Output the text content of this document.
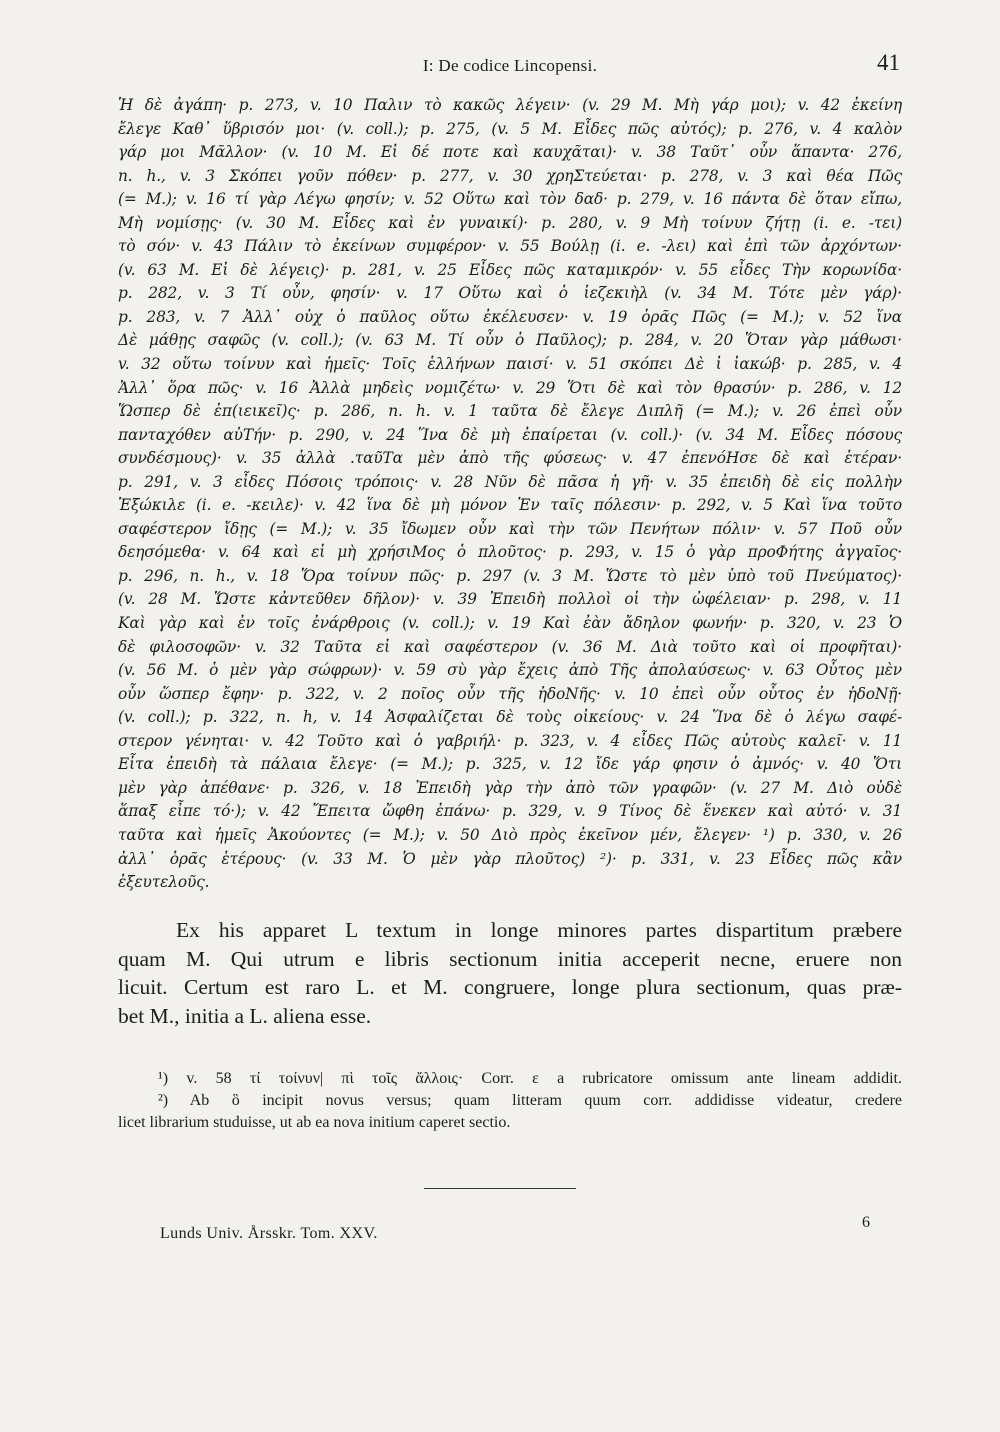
I: De codice Lincopensi.	41
Ἡ δὲ ἀγάπη· p. 273, v. 10 Παλιν τὸ κακῶς λέγειν· (v. 29 M. Μὴ γάρ μοι); v. 42 ἐκείνη
ἔλεγε Καθ᾽ ὕβρισόν μοι· (v. coll.); p. 275, (v. 5 M. Εἶδες πῶς αὐτός); p. 276, v. 4 καλὸν
γάρ μοι Μᾶλλον· (v. 10 M. Εἰ δέ ποτε καὶ καυχᾶται)· v. 38 Ταῦτ᾽ οὖν ἅπαντα· 276,
n. h., v. 3 Σκόπει γοῦν πόθεν· p. 277, v. 30 χρηΣτεύεται· p. 278, v. 3 καὶ θέα Πῶς
(= M.); v. 16 τί γὰρ Λέγω φησίν; v. 52 Οὕτω καὶ τὸν δαδ· p. 279, v. 16 πάντα δὲ ὅταν εἴπω,
Μὴ νομίσῃς· (v. 30 M. Εἶδες καὶ ἐν γυναικί)· p. 280, v. 9 Μὴ τοίνυν ζήτῃ (i. e. -τει)
τὸ σόν· v. 43 Πάλιν τὸ ἐκείνων συμφέρον· v. 55 Βούλῃ (i. e. -λει) καὶ ἐπὶ τῶν ἀρχόντων·
(v. 63 M. Εἰ δὲ λέγεις)· p. 281, v. 25 Εἶδες πῶς καταμικρόν· v. 55 εἶδες Τὴν κορωνίδα·
p. 282, v. 3 Τί οὖν, φησίν· v. 17 Οὕτω καὶ ὁ ἰεζεκιὴλ (v. 34 M. Τότε μὲν γάρ)·
p. 283, v. 7 Ἀλλ᾽ οὐχ ὁ παῦλος οὕτω ἐκέλευσεν· v. 19 ὁρᾶς Πῶς (= M.); v. 52 ἵνα
Δὲ μάθῃς σαφῶς (v. coll.); (v. 63 M. Τί οὖν ὁ Παῦλος); p. 284, v. 20 Ὅταν γὰρ μάθωσι·
v. 32 οὕτω τοίνυν καὶ ἡμεῖς· Τοῖς ἑλλήνων παισί· v. 51 σκόπει Δὲ ἰ ἰακώβ· p. 285, v. 4
Ἀλλ᾽ ὅρα πῶς· v. 16 Ἀλλὰ μηδεὶς νομιζέτω· v. 29 Ὅτι δὲ καὶ τὸν θρασύν· p. 286, v. 12
Ὥσπερ δὲ ἐπ(ιεικεῖ)ς· p. 286, n. h. v. 1 ταῦτα δὲ ἔλεγε Διπλῆ (= M.); v. 26 ἐπεὶ οὖν
πανταχόθεν αὐΤήν· p. 290, v. 24 Ἵνα δὲ μὴ ἐπαίρεται (v. coll.)· (v. 34 M. Εἶδες πόσους
συνδέσμους)· v. 35 ἀλλὰ .ταῦΤα μὲν ἀπὸ τῆς φύσεως· v. 47 ἐπενόΗσε δὲ καὶ ἑτέραν·
p. 291, v. 3 εἶδες Πόσοις τρόποις· v. 28 Νῦν δὲ πᾶσα ἡ γῆ· v. 35 ἐπειδὴ δὲ εἰς πολλὴν
Ἐξώκιλε (i. e. -κειλε)· v. 42 ἵνα δὲ μὴ μόνον Ἐν ταῖς πόλεσιν· p. 292, v. 5 Καὶ ἵνα τοῦτο
σαφέστερον ἴδῃς (= M.); v. 35 ἴδωμεν οὖν καὶ τὴν τῶν Πενήτων πόλιν· v. 57 Ποῦ οὖν
δεησόμεθα· v. 64 καὶ εἰ μὴ χρήσιΜος ὁ πλοῦτος· p. 293, v. 15 ὁ γὰρ προΦήτης ἀγγαῖος·
p. 296, n. h., v. 18 Ὅρα τοίνυν πῶς· p. 297 (v. 3 M. Ὥστε τὸ μὲν ὑπὸ τοῦ Πνεύματος)·
(v. 28 M. Ὥστε κἀντεῦθεν δῆλον)· v. 39 Ἐπειδὴ πολλοὶ οἱ τὴν ὠφέλειαν· p. 298, v. 11
Καὶ γὰρ καὶ ἐν τοῖς ἐνάρθροις (v. coll.); v. 19 Καὶ ἐὰν ἄδηλον φωνήν· p. 320, v. 23 Ὁ
δὲ φιλοσοφῶν· v. 32 Ταῦτα εἰ καὶ σαφέστερον (v. 36 M. Διὰ τοῦτο καὶ οἱ προφῆται)·
(v. 56 M. ὁ μὲν γὰρ σώφρων)· v. 59 σὺ γὰρ ἔχεις ἀπὸ Τῆς ἀπολαύσεως· v. 63 Οὗτος μὲν
οὖν ὥσπερ ἔφην· p. 322, v. 2 ποῖος οὖν τῆς ἡδοΝῆς· v. 10 ἐπεὶ οὖν οὗτος ἐν ἡδοΝῇ·
(v. coll.); p. 322, n. h, v. 14 Ἀσφαλίζεται δὲ τοὺς οἰκείους· v. 24 Ἵνα δὲ ὁ λέγω σαφέ-
στερον γένηται· v. 42 Τοῦτο καὶ ὁ γαβριήλ· p. 323, v. 4 εἶδες Πῶς αὐτοὺς καλεῖ· v. 11
Εἶτα ἐπειδὴ τὰ πάλαια ἔλεγε· (= M.); p. 325, v. 12 ἴδε γάρ φησιν ὁ ἀμνός· v. 40 Ὅτι
μὲν γὰρ ἀπέθανε· p. 326, v. 18 Ἐπειδὴ γὰρ τὴν ἀπὸ τῶν γραφῶν· (v. 27 M. Διὸ οὐδὲ
ἅπαξ εἶπε τό·); v. 42 Ἔπειτα ὤφθη ἐπάνω· p. 329, v. 9 Τίνος δὲ ἕνεκεν καὶ αὐτό· v. 31
ταῦτα καὶ ἡμεῖς Ἀκούοντες (= M.); v. 50 Διὸ πρὸς ἐκεῖνον μέν, ἔλεγεν· ¹) p. 330, v. 26
ἀλλ᾽ ὁρᾶς ἑτέρους· (v. 33 M. Ὁ μὲν γὰρ πλοῦτος) ²)· p. 331, v. 23 Εἶδες πῶς κἂν
ἐξευτελοῦς.
Ex his apparet L textum in longe minores partes dispartitum præbere
quam M. Qui utrum e libris sectionum initia acceperit necne, eruere non
licuit. Certum est raro L. et M. congruere, longe plura sectionum, quas præ-
bet M., initia a L. aliena esse.
¹) v. 58 τί τοίνυν| πὶ τοῖς ἄλλοις· Corr. ε a rubricatore omissum ante lineam addidit.
²) Ab ὃ incipit novus versus; quam litteram quum corr. addidisse videatur, credere
licet librarium studuisse, ut ab ea nova initium caperet sectio.
6
Lunds Univ. Årsskr. Tom. XXV.
